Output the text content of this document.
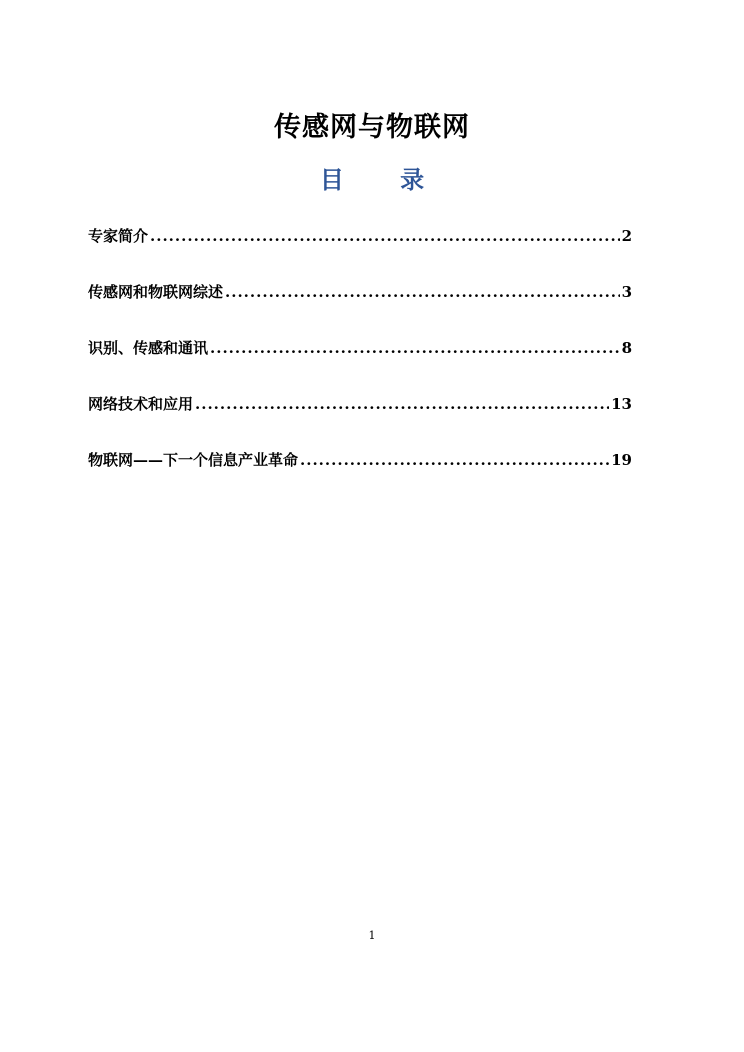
传感网与物联网
目 录
专家简介 .....	2
传感网和物联网综述 .....	3
识别、传感和通讯 .....	8
网络技术和应用 .....	13
物联网——下一个信息产业革命 .....	19
1
